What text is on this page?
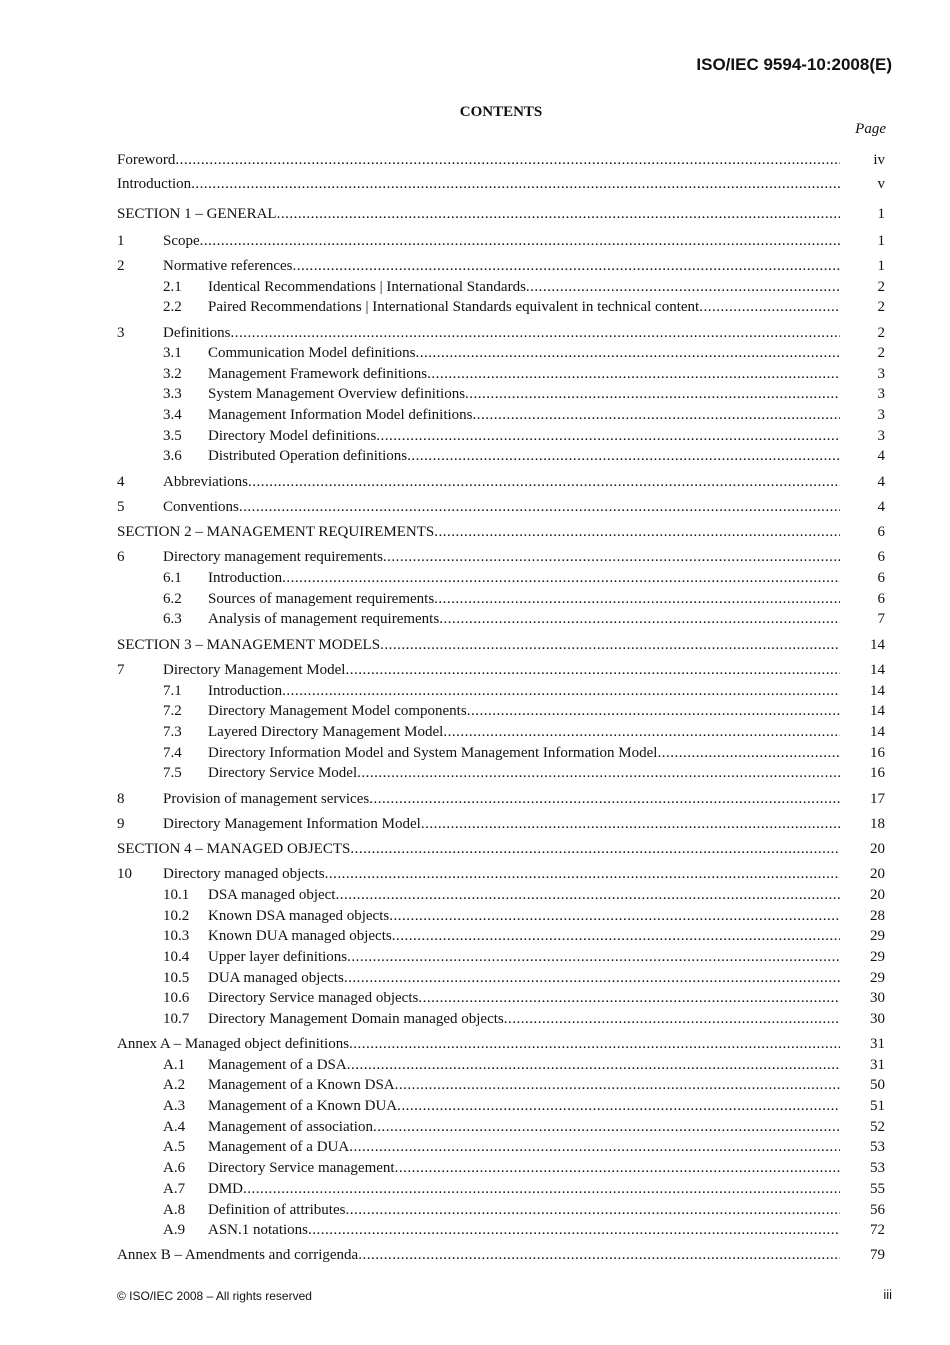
ISO/IEC 9594-10:2008(E)
CONTENTS
Page
Foreword .....	iv
Introduction .....	v
SECTION 1 – GENERAL .....	1
1	Scope .....	1
2	Normative references .....	1
2.1 Identical Recommendations | International Standards .....	2
2.2 Paired Recommendations | International Standards equivalent in technical content .....	2
3	Definitions .....	2
3.1 Communication Model definitions .....	2
3.2 Management Framework definitions .....	3
3.3 System Management Overview definitions .....	3
3.4 Management Information Model definitions .....	3
3.5 Directory Model definitions .....	3
3.6 Distributed Operation definitions .....	4
4	Abbreviations .....	4
5	Conventions .....	4
SECTION 2 – MANAGEMENT REQUIREMENTS .....	6
6	Directory management requirements .....	6
6.1 Introduction .....	6
6.2 Sources of management requirements .....	6
6.3 Analysis of management requirements .....	7
SECTION 3 – MANAGEMENT MODELS .....	14
7	Directory Management Model .....	14
7.1 Introduction .....	14
7.2 Directory Management Model components .....	14
7.3 Layered Directory Management Model .....	14
7.4 Directory Information Model and System Management Information Model .....	16
7.5 Directory Service Model .....	16
8	Provision of management services .....	17
9	Directory Management Information Model .....	18
SECTION 4 – MANAGED OBJECTS .....	20
10 Directory managed objects .....	20
10.1 DSA managed object .....	20
10.2 Known DSA managed objects .....	28
10.3 Known DUA managed objects .....	29
10.4 Upper layer definitions .....	29
10.5 DUA managed objects .....	29
10.6 Directory Service managed objects .....	30
10.7 Directory Management Domain managed objects .....	30
Annex A – Managed object definitions .....	31
A.1 Management of a DSA .....	31
A.2 Management of a Known DSA .....	50
A.3 Management of a Known DUA .....	51
A.4 Management of association .....	52
A.5 Management of a DUA .....	53
A.6 Directory Service management .....	53
A.7 DMD .....	55
A.8 Definition of attributes .....	56
A.9 ASN.1 notations .....	72
Annex B – Amendments and corrigenda .....	79
© ISO/IEC 2008 – All rights reserved	iii
